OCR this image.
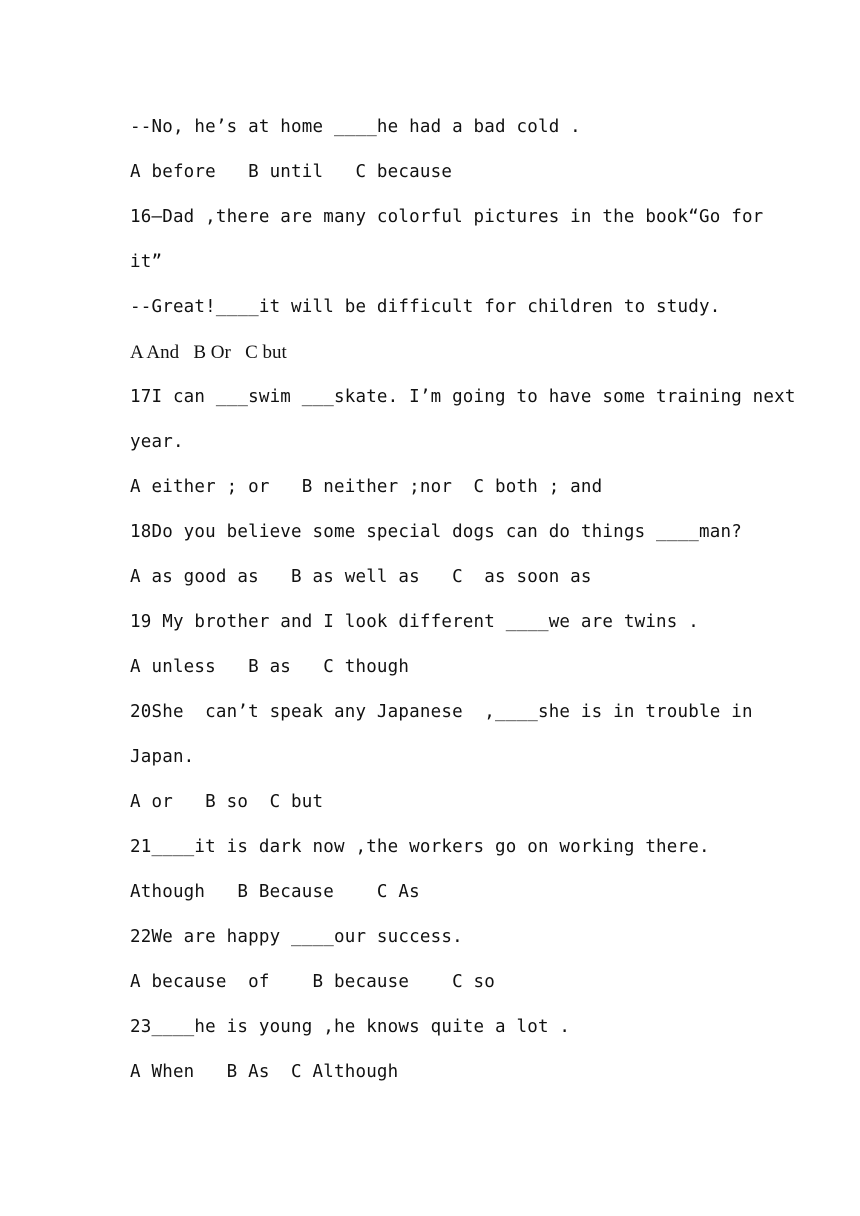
--No, he’s at home ____he had a bad cold .
A before   B until   C because
16—Dad ,there are many colorful pictures in the book“Go for
it”
--Great!____it will be difficult for children to study.
A And   B Or   C but
17I can ___swim ___skate. I’m going to have some training next
year.
A either ; or   B neither ;nor  C both ; and
18Do you believe some special dogs can do things ____man?
A as good as   B as well as   C  as soon as
19 My brother and I look different ____we are twins .
A unless   B as   C though
20She  can’t speak any Japanese  ,____she is in trouble in
Japan.
A or   B so  C but
21____it is dark now ,the workers go on working there.
Athough   B Because    C As
22We are happy ____our success.
A because  of    B because    C so
23____he is young ,he knows quite a lot .
A When   B As  C Although
